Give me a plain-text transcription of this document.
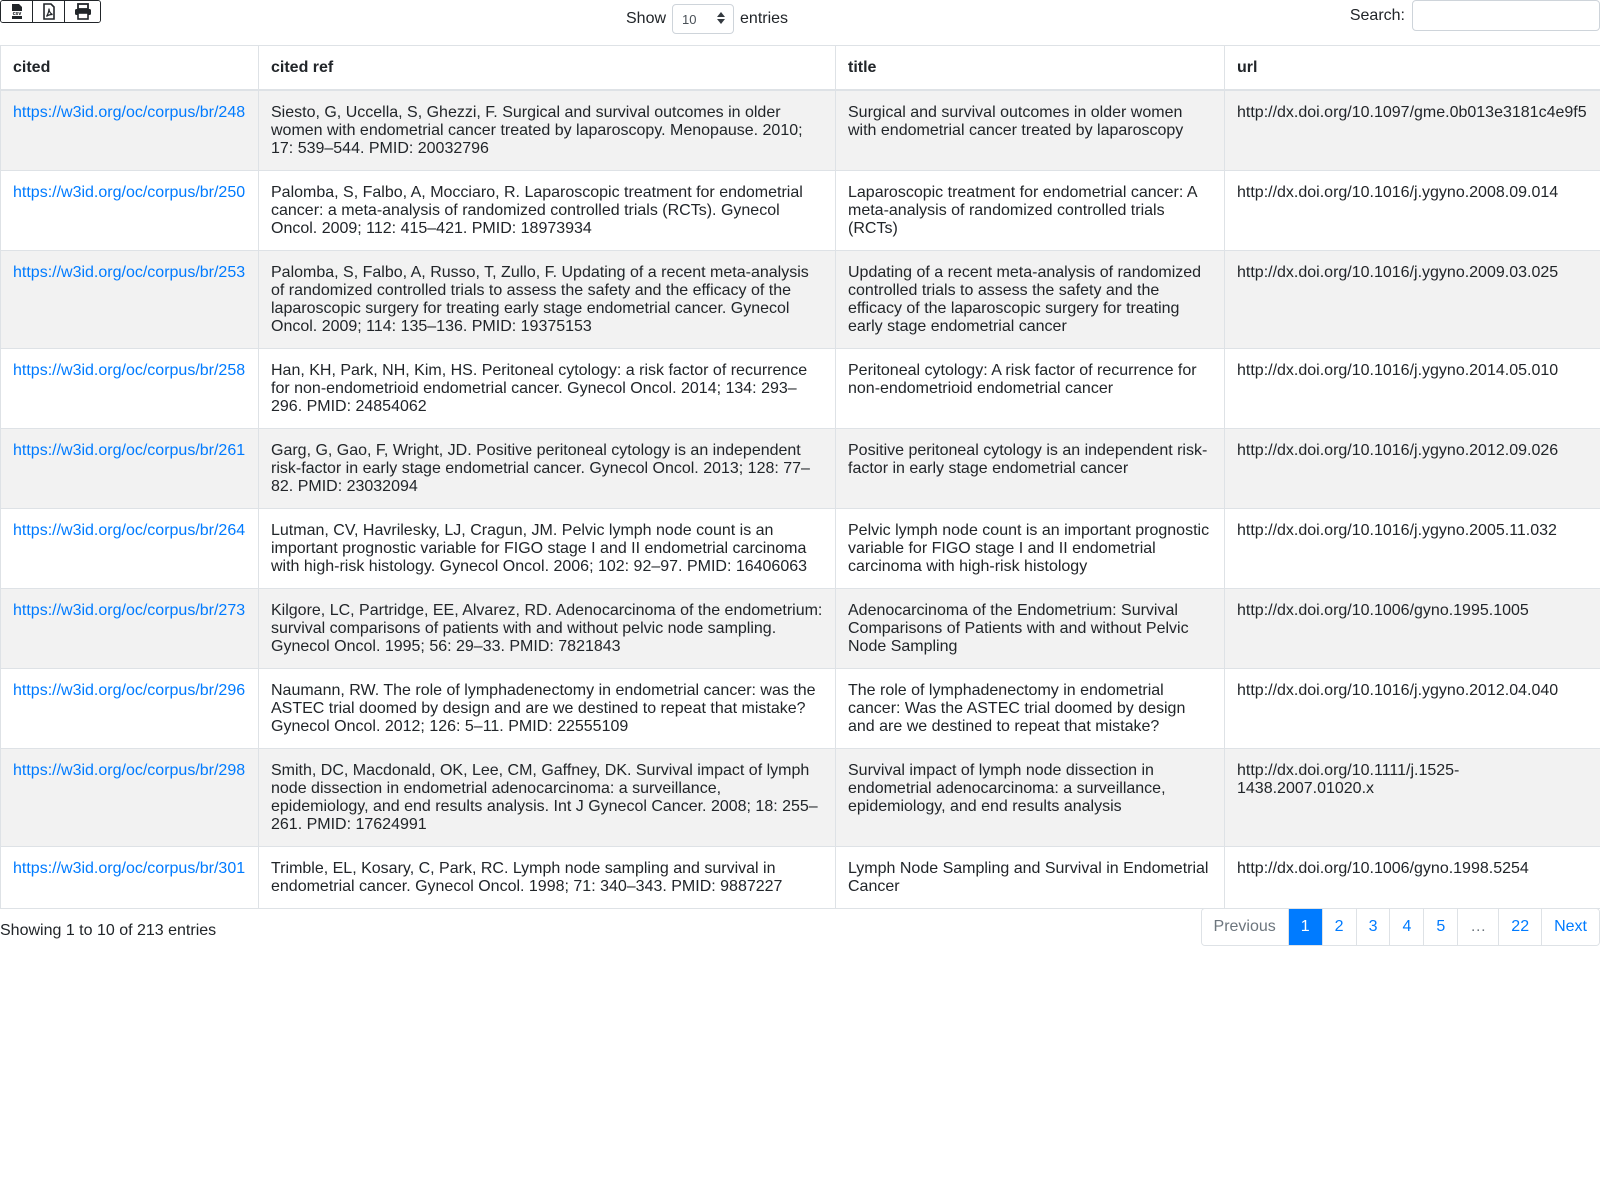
csv	Show 10	entries	Search:
cited	cited ref	title	url
https://w3id.org/oc/corpus/br/248	Siesto, G, Uccella, S, Ghezzi, F. Surgical and survival outcomes in older women with endometrial cancer treated by laparoscopy. Menopause. 2010; 17: 539–544. PMID: 20032796	Surgical and survival outcomes in older women with endometrial cancer treated by laparoscopy	http://dx.doi.org/10.1097/gme.0b013e3181c4e9f5
https://w3id.org/oc/corpus/br/250	Palomba, S, Falbo, A, Mocciaro, R. Laparoscopic treatment for endometrial cancer: a meta-analysis of randomized controlled trials (RCTs). Gynecol Oncol. 2009; 112: 415–421. PMID: 18973934	Laparoscopic treatment for endometrial cancer: A meta-analysis of randomized controlled trials (RCTs)	http://dx.doi.org/10.1016/j.ygyno.2008.09.014
https://w3id.org/oc/corpus/br/253	Palomba, S, Falbo, A, Russo, T, Zullo, F. Updating of a recent meta-analysis of randomized controlled trials to assess the safety and the efficacy of the laparoscopic surgery for treating early stage endometrial cancer. Gynecol Oncol. 2009; 114: 135–136. PMID: 19375153	Updating of a recent meta-analysis of randomized controlled trials to assess the safety and the efficacy of the laparoscopic surgery for treating early stage endometrial cancer	http://dx.doi.org/10.1016/j.ygyno.2009.03.025
https://w3id.org/oc/corpus/br/258	Han, KH, Park, NH, Kim, HS. Peritoneal cytology: a risk factor of recurrence for non-endometrioid endometrial cancer. Gynecol Oncol. 2014; 134: 293–296. PMID: 24854062	Peritoneal cytology: A risk factor of recurrence for non-endometrioid endometrial cancer	http://dx.doi.org/10.1016/j.ygyno.2014.05.010
https://w3id.org/oc/corpus/br/261	Garg, G, Gao, F, Wright, JD. Positive peritoneal cytology is an independent risk-factor in early stage endometrial cancer. Gynecol Oncol. 2013; 128: 77–82. PMID: 23032094	Positive peritoneal cytology is an independent risk-factor in early stage endometrial cancer	http://dx.doi.org/10.1016/j.ygyno.2012.09.026
https://w3id.org/oc/corpus/br/264	Lutman, CV, Havrilesky, LJ, Cragun, JM. Pelvic lymph node count is an important prognostic variable for FIGO stage I and II endometrial carcinoma with high-risk histology. Gynecol Oncol. 2006; 102: 92–97. PMID: 16406063	Pelvic lymph node count is an important prognostic variable for FIGO stage I and II endometrial carcinoma with high-risk histology	http://dx.doi.org/10.1016/j.ygyno.2005.11.032
https://w3id.org/oc/corpus/br/273	Kilgore, LC, Partridge, EE, Alvarez, RD. Adenocarcinoma of the endometrium: survival comparisons of patients with and without pelvic node sampling. Gynecol Oncol. 1995; 56: 29–33. PMID: 7821843	Adenocarcinoma of the Endometrium: Survival Comparisons of Patients with and without Pelvic Node Sampling	http://dx.doi.org/10.1006/gyno.1995.1005
https://w3id.org/oc/corpus/br/296	Naumann, RW. The role of lymphadenectomy in endometrial cancer: was the ASTEC trial doomed by design and are we destined to repeat that mistake? Gynecol Oncol. 2012; 126: 5–11. PMID: 22555109	The role of lymphadenectomy in endometrial cancer: Was the ASTEC trial doomed by design and are we destined to repeat that mistake?	http://dx.doi.org/10.1016/j.ygyno.2012.04.040
https://w3id.org/oc/corpus/br/298	Smith, DC, Macdonald, OK, Lee, CM, Gaffney, DK. Survival impact of lymph node dissection in endometrial adenocarcinoma: a surveillance, epidemiology, and end results analysis. Int J Gynecol Cancer. 2008; 18: 255–261. PMID: 17624991	Survival impact of lymph node dissection in endometrial adenocarcinoma: a surveillance, epidemiology, and end results analysis	http://dx.doi.org/10.1111/j.1525-1438.2007.01020.x
https://w3id.org/oc/corpus/br/301	Trimble, EL, Kosary, C, Park, RC. Lymph node sampling and survival in endometrial cancer. Gynecol Oncol. 1998; 71: 340–343. PMID: 9887227	Lymph Node Sampling and Survival in Endometrial Cancer	http://dx.doi.org/10.1006/gyno.1998.5254
Showing 1 to 10 of 213 entries	Previous	1	2	3	4	5	…	22	Next
